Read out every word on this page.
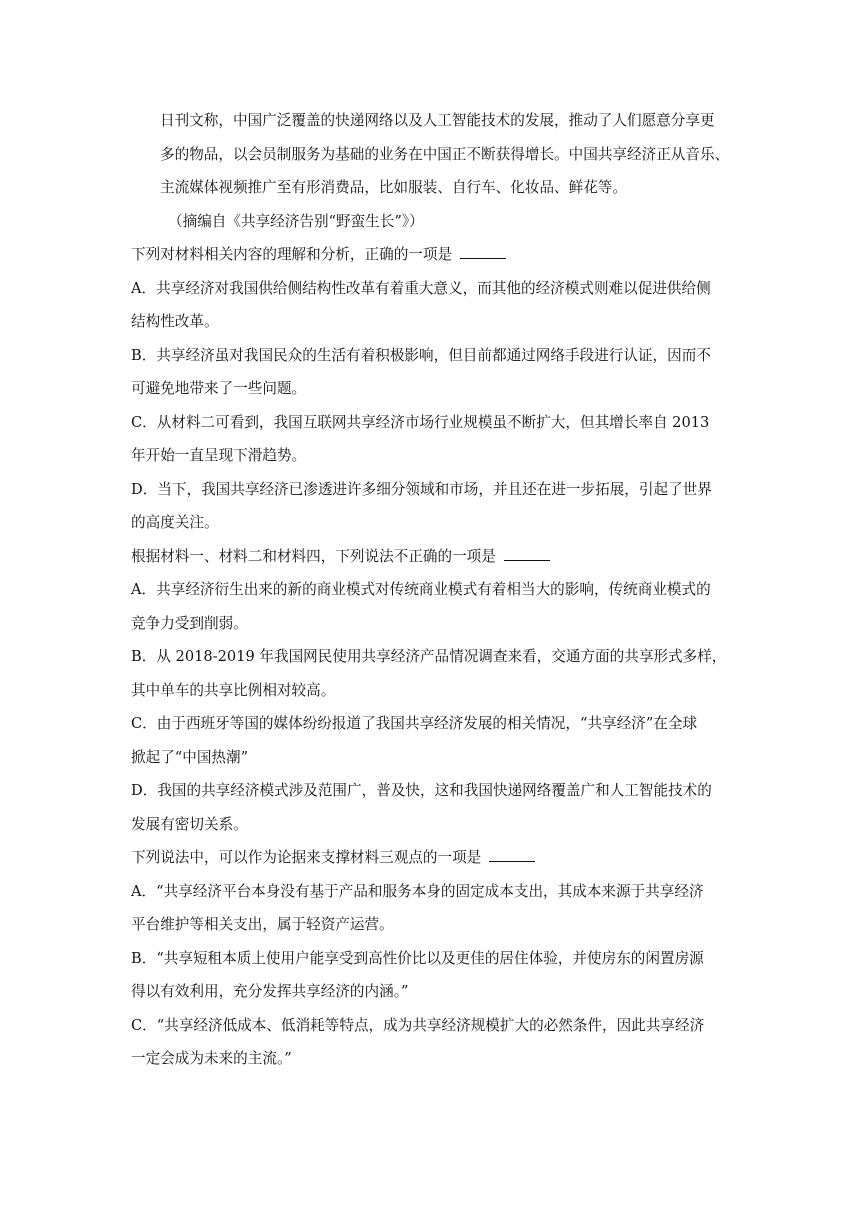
日刊文称，中国广泛覆盖的快递网络以及人工智能技术的发展，推动了人们愿意分享更
多的物品，以会员制服务为基础的业务在中国正不断获得增长。中国共享经济正从音乐、
主流媒体视频推广至有形消费品，比如服装、自行车、化妆品、鲜花等。
（摘编自《共享经济告别“野蛮生长”》）
下列对材料相关内容的理解和分析，正确的一项是
A．共享经济对我国供给侧结构性改革有着重大意义，而其他的经济模式则难以促进供给侧
结构性改革。
B．共享经济虽对我国民众的生活有着积极影响，但目前都通过网络手段进行认证，因而不
可避免地带来了一些问题。
C．从材料二可看到，我国互联网共享经济市场行业规模虽不断扩大，但其增长率自 2013
年开始一直呈现下滑趋势。
D．当下，我国共享经济已渗透进许多细分领域和市场，并且还在进一步拓展，引起了世界
的高度关注。
根据材料一、材料二和材料四，下列说法不正确的一项是
A．共享经济衍生出来的新的商业模式对传统商业模式有着相当大的影响，传统商业模式的
竞争力受到削弱。
B．从 2018-2019 年我国网民使用共享经济产品情况调查来看，交通方面的共享形式多样，
其中单车的共享比例相对较高。
C．由于西班牙等国的媒体纷纷报道了我国共享经济发展的相关情况，“共享经济”在全球
掀起了“中国热潮”
D．我国的共享经济模式涉及范围广，普及快，这和我国快递网络覆盖广和人工智能技术的
发展有密切关系。
下列说法中，可以作为论据来支撑材料三观点的一项是
A．“共享经济平台本身没有基于产品和服务本身的固定成本支出，其成本来源于共享经济
平台维护等相关支出，属于轻资产运营。
B．“共享短租本质上使用户能享受到高性价比以及更佳的居住体验，并使房东的闲置房源
得以有效利用，充分发挥共享经济的内涵。”
C．“共享经济低成本、低消耗等特点，成为共享经济规模扩大的必然条件，因此共享经济
一定会成为未来的主流。”
